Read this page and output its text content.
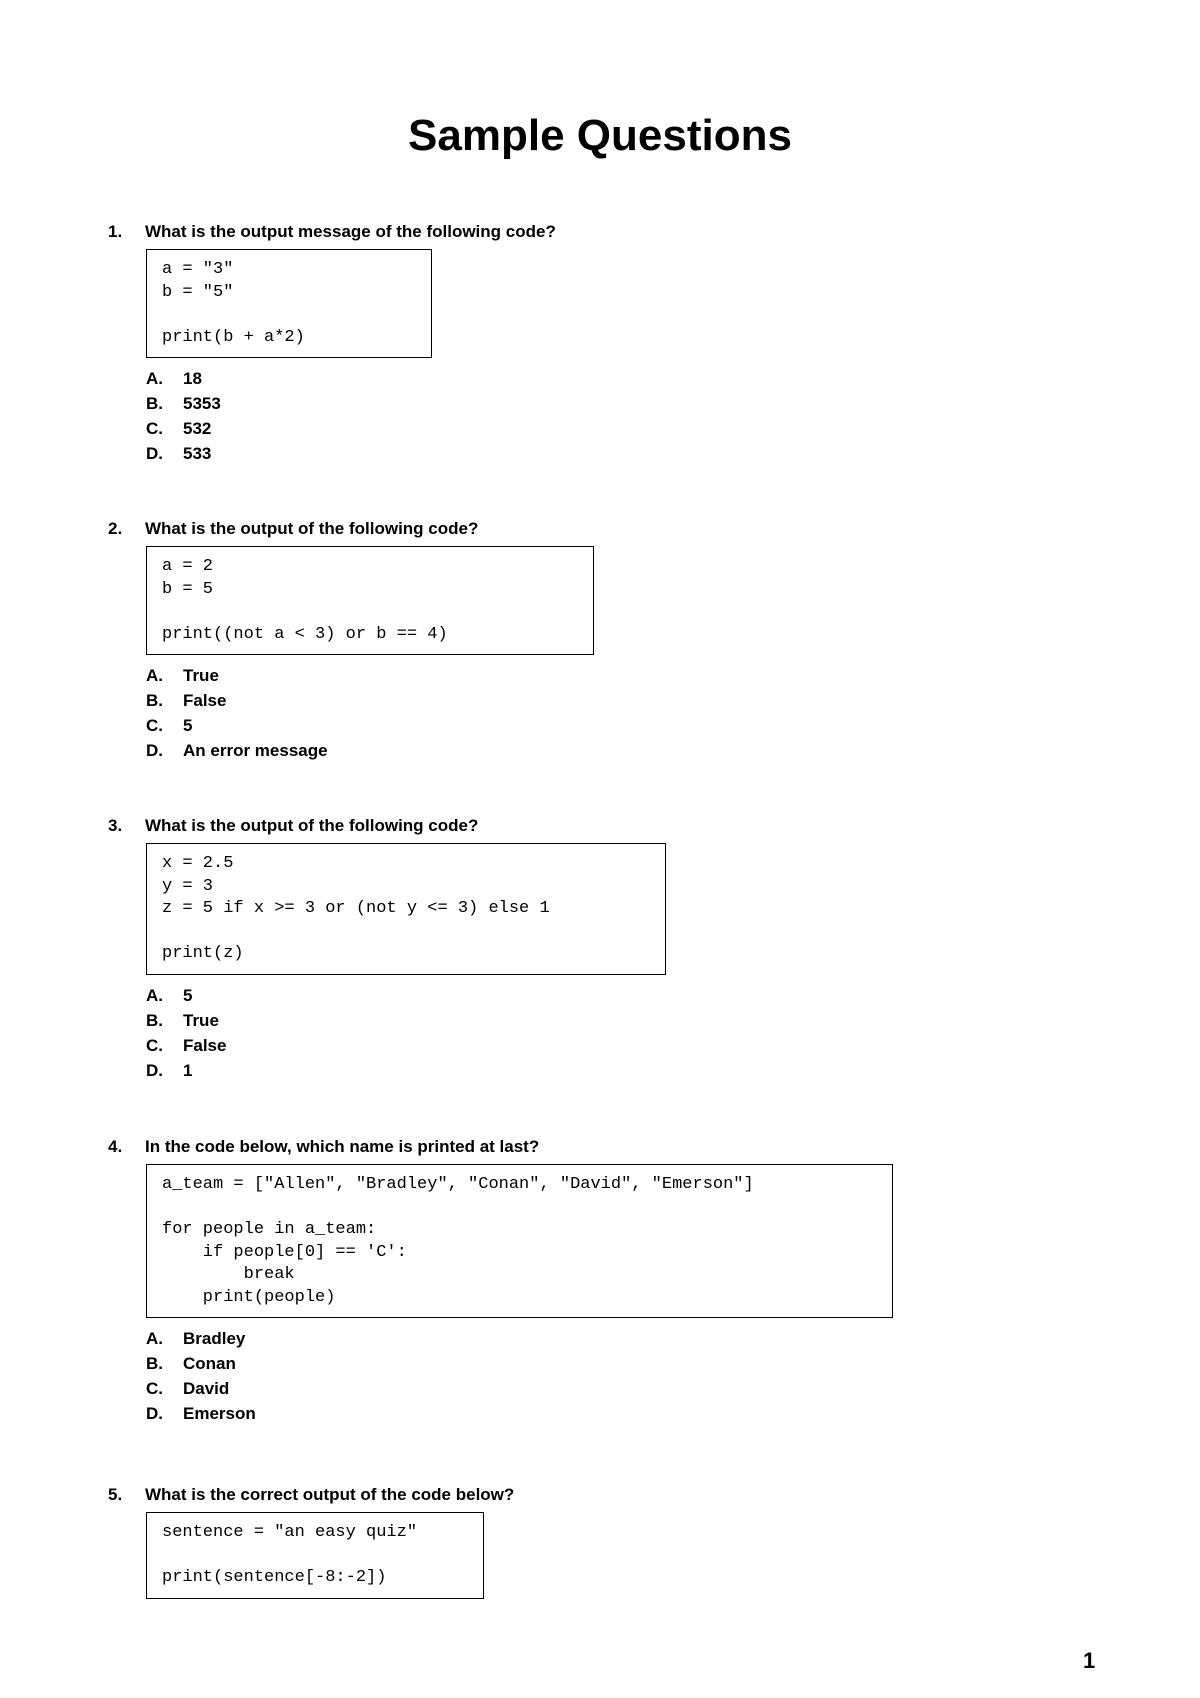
Sample Questions
1. What is the output message of the following code?
a = "3"
b = "5"

print(b + a*2)
A. 18
B. 5353
C. 532
D. 533
2. What is the output of the following code?
a = 2
b = 5

print((not a < 3) or b == 4)
A. True
B. False
C. 5
D. An error message
3. What is the output of the following code?
x = 2.5
y = 3
z = 5 if x >= 3 or (not y <= 3) else 1

print(z)
A. 5
B. True
C. False
D. 1
4. In the code below, which name is printed at last?
a_team = ["Allen", "Bradley", "Conan", "David", "Emerson"]

for people in a_team:
if people[0] == 'C':
break
print(people)
A. Bradley
B. Conan
C. David
D. Emerson
5. What is the correct output of the code below?
sentence = "an easy quiz"

print(sentence[-8:-2])
1
